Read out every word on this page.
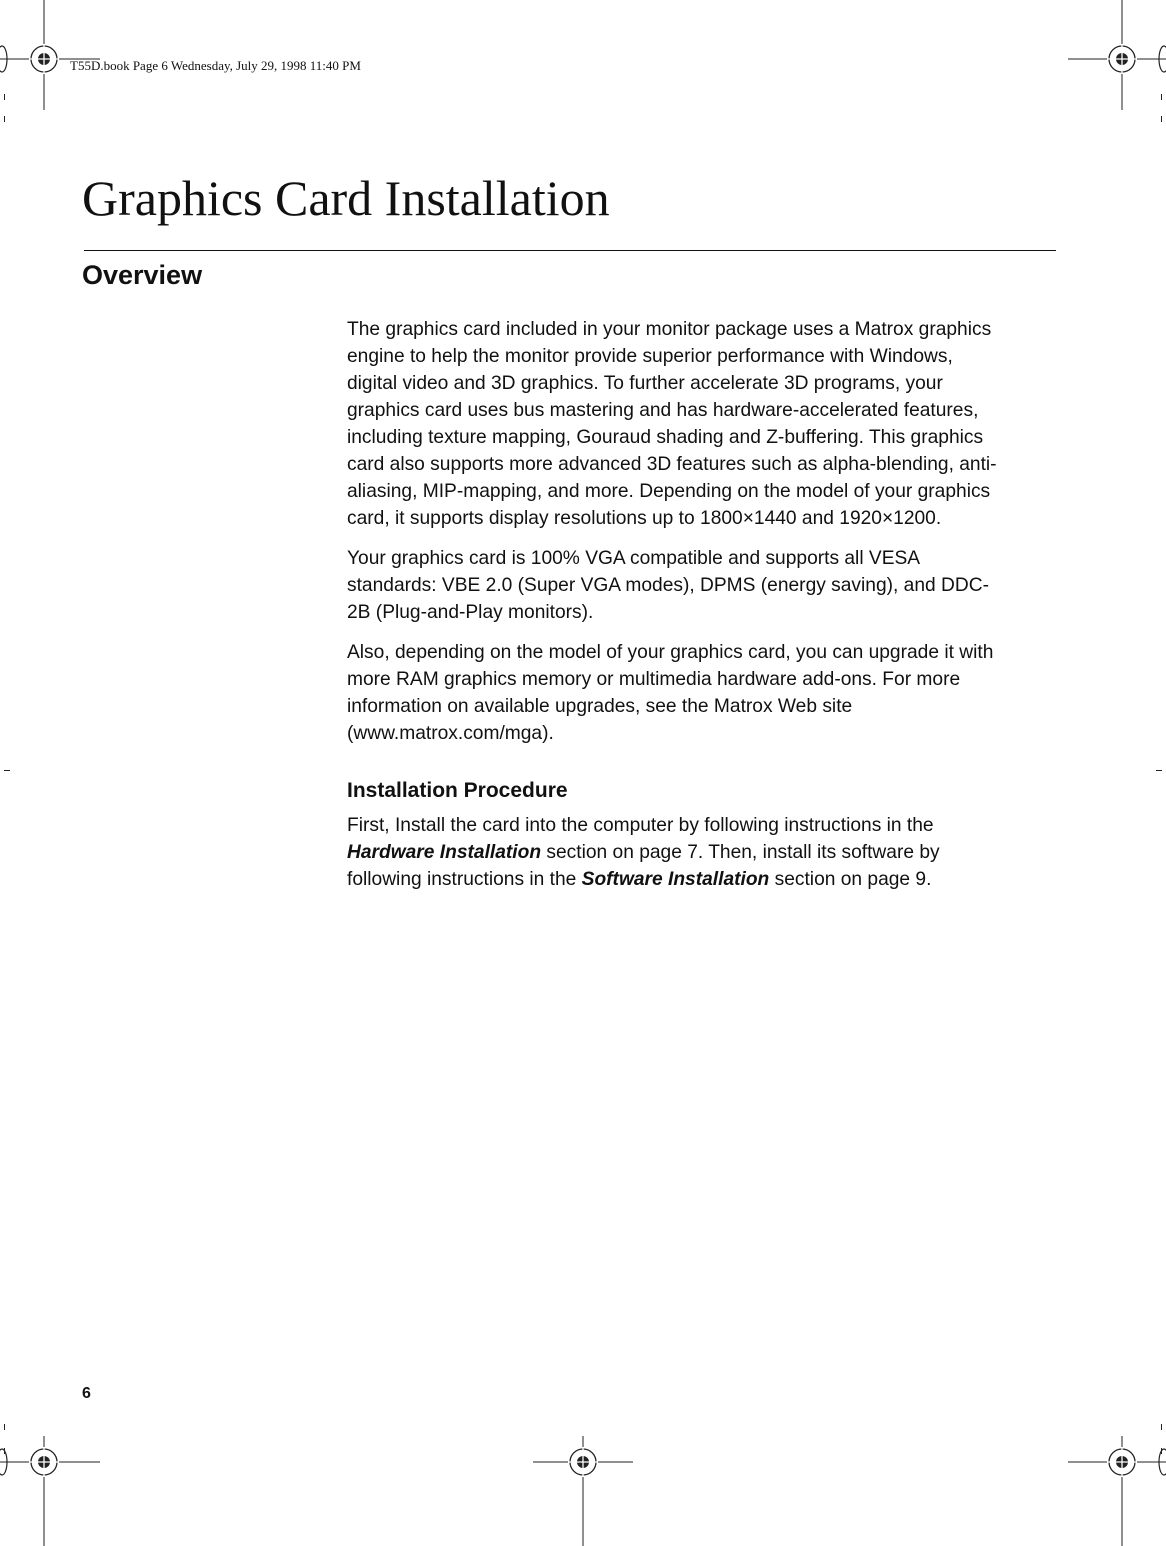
T55D.book Page 6 Wednesday, July 29, 1998 11:40 PM
Graphics Card Installation
Overview

The graphics card included in your monitor package uses a Matrox graphics
engine to help the monitor provide superior performance with Windows,
digital video and 3D graphics. To further accelerate 3D programs, your
graphics card uses bus mastering and has hardware-accelerated features,
including texture mapping, Gouraud shading and Z-buffering. This graphics
card also supports more advanced 3D features such as alpha-blending, anti-
aliasing, MIP-mapping, and more. Depending on the model of your graphics
card, it supports display resolutions up to 1800×1440 and 1920×1200.

Your graphics card is 100% VGA compatible and supports all VESA
standards: VBE 2.0 (Super VGA modes), DPMS (energy saving), and DDC-
2B (Plug-and-Play monitors).

Also, depending on the model of your graphics card, you can upgrade it with
more RAM graphics memory or multimedia hardware add-ons. For more
information on available upgrades, see the Matrox Web site
(www.matrox.com/mga).

Installation Procedure

First, Install the card into the computer by following instructions in the
Hardware Installation section on page 7. Then, install its software by
following instructions in the Software Installation section on page 9.

6
